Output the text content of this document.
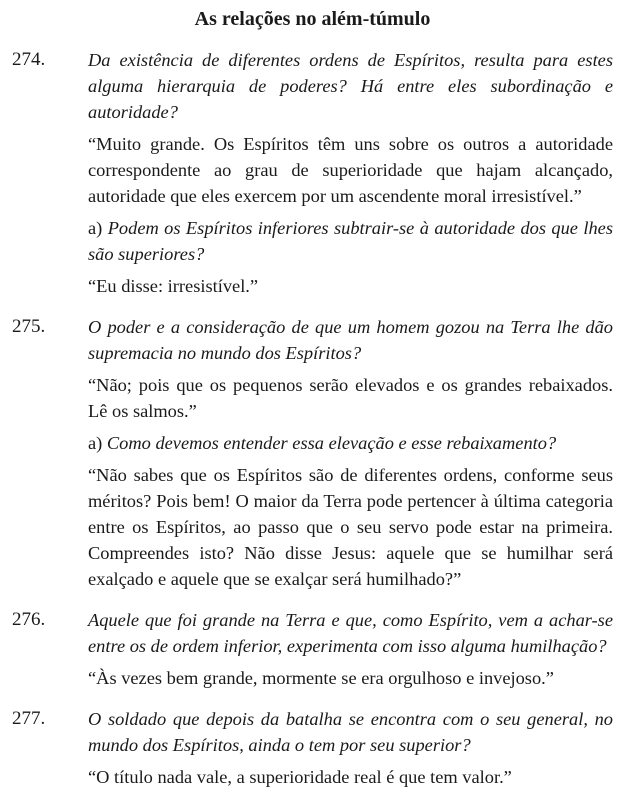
As relações no além-túmulo
274.	Da existência de diferentes ordens de Espíritos, resulta para estes alguma hierarquia de poderes? Há entre eles subordinação e autoridade?
“Muito grande. Os Espíritos têm uns sobre os outros a autoridade correspondente ao grau de superioridade que hajam alcançado, autoridade que eles exercem por um ascendente moral irresistível.”
a) Podem os Espíritos inferiores subtrair-se à autoridade dos que lhes são superiores?
“Eu disse: irresistível.”
275.	O poder e a consideração de que um homem gozou na Terra lhe dão supremacia no mundo dos Espíritos?
“Não; pois que os pequenos serão elevados e os grandes rebaixados. Lê os salmos.”
a) Como devemos entender essa elevação e esse rebaixamento?
“Não sabes que os Espíritos são de diferentes ordens, conforme seus méritos? Pois bem! O maior da Terra pode pertencer à última categoria entre os Espíritos, ao passo que o seu servo pode estar na primeira. Compreendes isto? Não disse Jesus: aquele que se humilhar será exalçado e aquele que se exalçar será humilhado?”
276.	Aquele que foi grande na Terra e que, como Espírito, vem a achar-se entre os de ordem inferior, experimenta com isso alguma humilhação?
“Às vezes bem grande, mormente se era orgulhoso e invejoso.”
277.	O soldado que depois da batalha se encontra com o seu general, no mundo dos Espíritos, ainda o tem por seu superior?
“O título nada vale, a superioridade real é que tem valor.”
